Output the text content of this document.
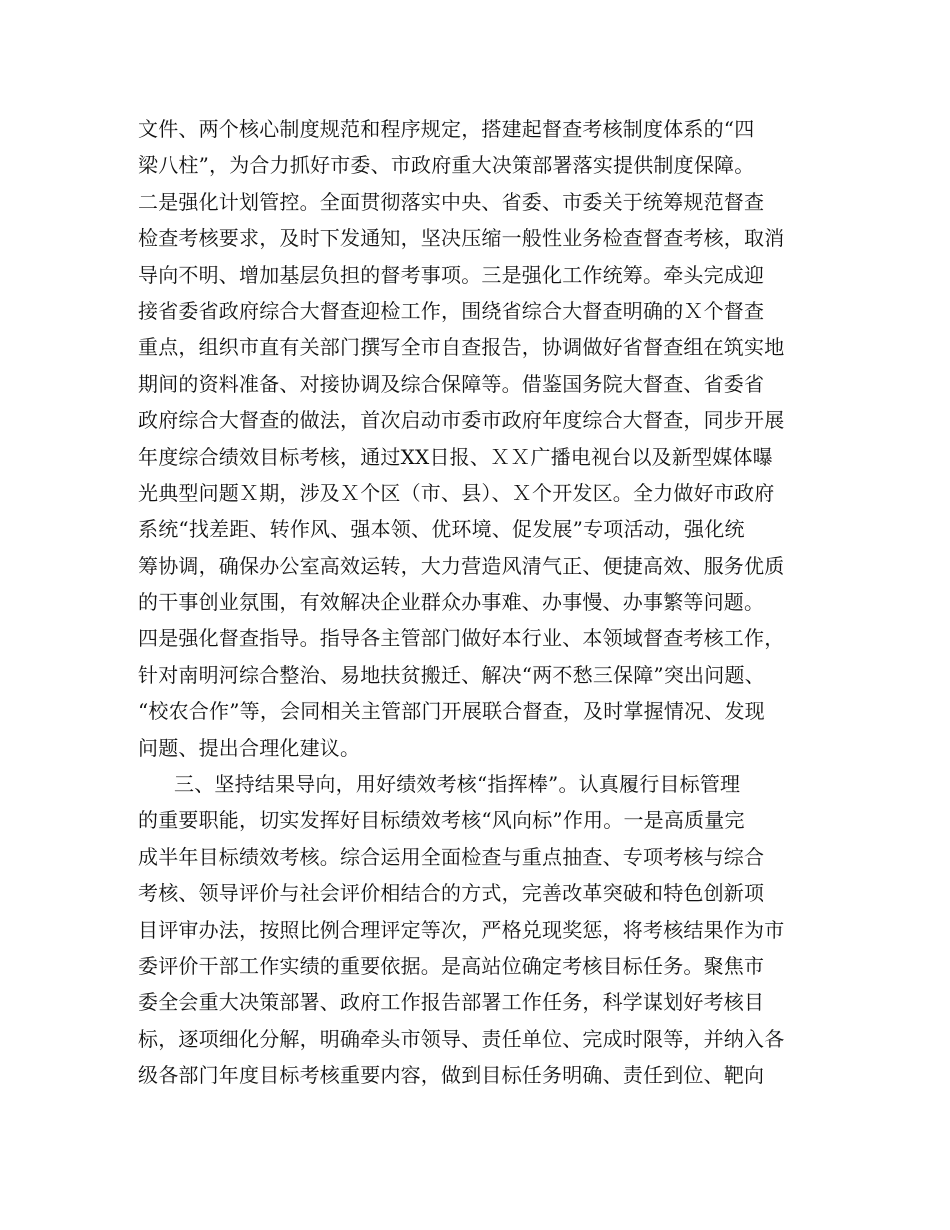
文件、两个核心制度规范和程序规定，搭建起督查考核制度体系的“四
梁八柱”，为合力抓好市委、市政府重大决策部署落实提供制度保障。
二是强化计划管控。全面贯彻落实中央、省委、市委关于统筹规范督查
检查考核要求，及时下发通知，坚决压缩一般性业务检查督查考核，取消
导向不明、增加基层负担的督考事项。三是强化工作统筹。牵头完成迎
接省委省政府综合大督查迎检工作，围绕省综合大督查明确的Ｘ个督查
重点，组织市直有关部门撰写全市自查报告，协调做好省督查组在筑实地
期间的资料准备、对接协调及综合保障等。借鉴国务院大督查、省委省
政府综合大督查的做法，首次启动市委市政府年度综合大督查，同步开展
年度综合绩效目标考核，通过XX日报、ＸＸ广播电视台以及新型媒体曝
光典型问题Ｘ期，涉及Ｘ个区（市、县）、Ｘ个开发区。全力做好市政府
系统“找差距、转作风、强本领、优环境、促发展”专项活动，强化统
筹协调，确保办公室高效运转，大力营造风清气正、便捷高效、服务优质
的干事创业氛围，有效解决企业群众办事难、办事慢、办事繁等问题。
四是强化督查指导。指导各主管部门做好本行业、本领域督查考核工作，
针对南明河综合整治、易地扶贫搬迁、解决“两不愁三保障”突出问题、
“校农合作”等，会同相关主管部门开展联合督查，及时掌握情况、发现
问题、提出合理化建议。
三、坚持结果导向，用好绩效考核“指挥棒”。认真履行目标管理
的重要职能，切实发挥好目标绩效考核“风向标”作用。一是高质量完
成半年目标绩效考核。综合运用全面检查与重点抽查、专项考核与综合
考核、领导评价与社会评价相结合的方式，完善改革突破和特色创新项
目评审办法，按照比例合理评定等次，严格兑现奖惩，将考核结果作为市
委评价干部工作实绩的重要依据。是高站位确定考核目标任务。聚焦市
委全会重大决策部署、政府工作报告部署工作任务，科学谋划好考核目
标，逐项细化分解，明确牵头市领导、责任单位、完成时限等，并纳入各
级各部门年度目标考核重要内容，做到目标任务明确、责任到位、靶向
